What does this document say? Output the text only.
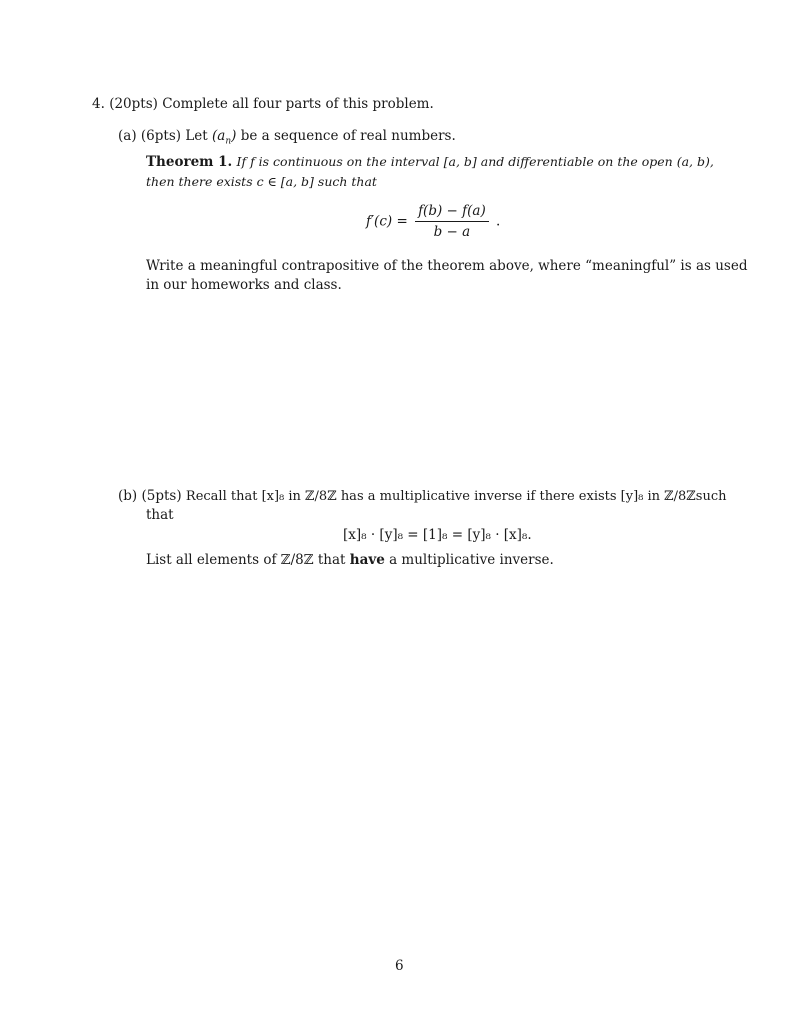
4. (20pts) Complete all four parts of this problem.
(a) (6pts) Let $(a_n)$ be a sequence of real numbers.
Theorem 1. If f is continuous on the interval [a, b] and differentiable on the open (a, b),
then there exists c ∈ [a, b] such that
$f'(c) = \frac{f(b) - f(a)}{b - a}$ .
Write a meaningful contrapositive of the theorem above, where “meaningful” is as used
in our homeworks and class.
(b) (5pts) Recall that [x]₈ in ℤ/8ℤ has a multiplicative inverse if there exists [y]₈ in ℤ/8ℤsuch
that
[x]₈ · [y]₈ = [1]₈ = [y]₈ · [x]₈.
List all elements of ℤ/8ℤ that have a multiplicative inverse.
6
